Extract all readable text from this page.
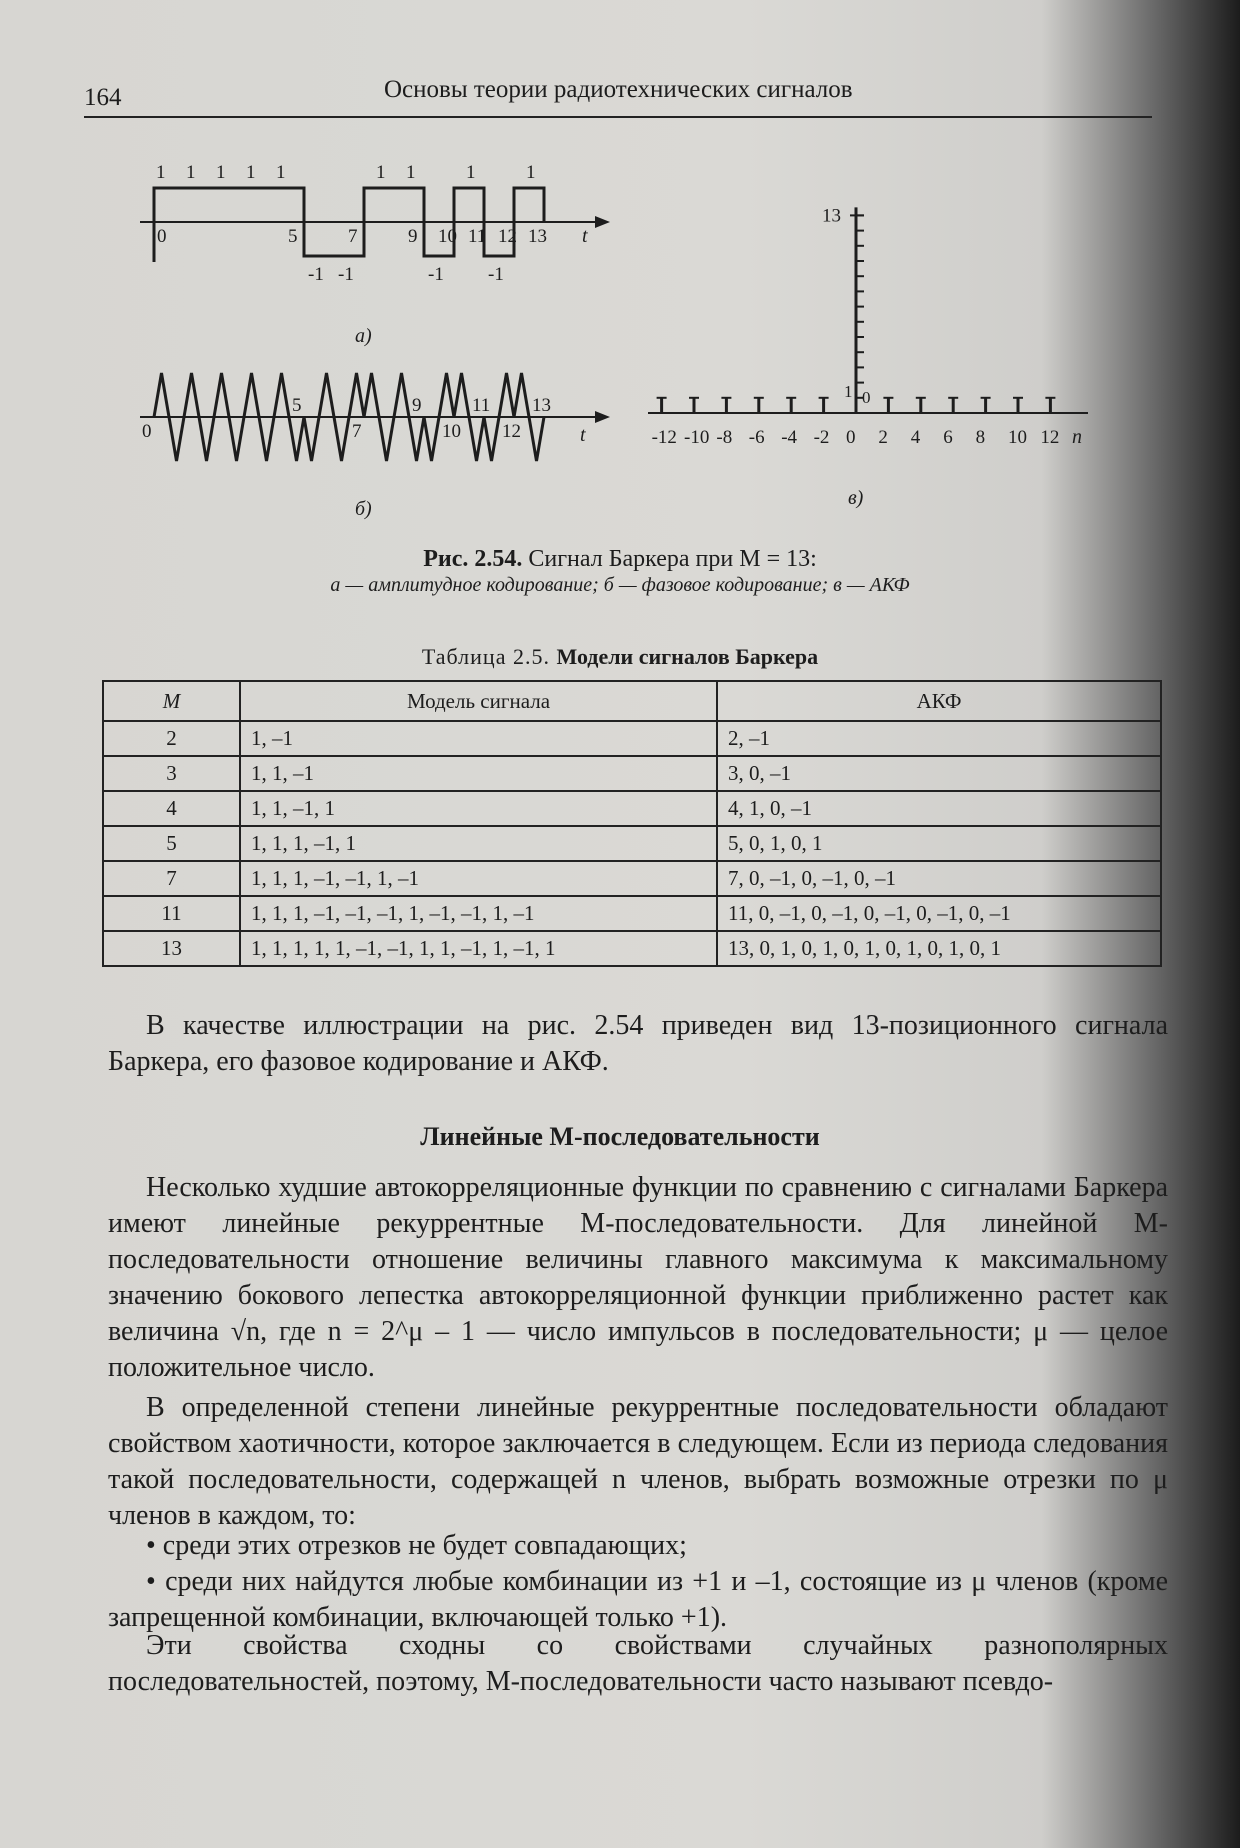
164	Основы теории радиотехнических сигналов
t
1 1 1 1 1	1 1	1	1
-1 -1	-1 -1
0	5	7	9 10 11 12 13
а)
t
0
5
7
9
10
11
12
13
б)
13
1 0
-12 -10 -8 -6 -4 -2 0 2 4 6 8 10 12 n
в)
Рис. 2.54. Сигнал Баркера при M = 13:
а — амплитудное кодирование; б — фазовое кодирование; в — АКФ
Таблица 2.5. Модели сигналов Баркера
M	Модель сигнала	АКФ
2	1, –1	2, –1
3	1, 1, –1	3, 0, –1
4	1, 1, –1, 1	4, 1, 0, –1
5	1, 1, 1, –1, 1	5, 0, 1, 0, 1
7	1, 1, 1, –1, –1, 1, –1	7, 0, –1, 0, –1, 0, –1
11	1, 1, 1, –1, –1, –1, 1, –1, –1, 1, –1	11, 0, –1, 0, –1, 0, –1, 0, –1, 0, –1
13	1, 1, 1, 1, 1, –1, –1, 1, 1, –1, 1, –1, 1	13, 0, 1, 0, 1, 0, 1, 0, 1, 0, 1, 0, 1

В качестве иллюстрации на рис. 2.54 приведен вид 13-позиционного сигнала Баркера, его фазовое кодирование и АКФ.

Линейные M-последовательности

Несколько худшие автокорреляционные функции по сравнению с сигналами Баркера имеют линейные рекуррентные M-последовательности. Для линейной M-последовательности отношение величины главного максимума к максимальному значению бокового лепестка автокорреляционной функции приближенно растет как величина √n, где n = 2^μ – 1 — число импульсов в последовательности; μ — целое положительное число.

В определенной степени линейные рекуррентные последовательности обладают свойством хаотичности, которое заключается в следующем. Если из периода следования такой последовательности, содержащей n членов, выбрать возможные отрезки по μ членов в каждом, то:

• среди этих отрезков не будет совпадающих;

• среди них найдутся любые комбинации из +1 и –1, состоящие из μ членов (кроме запрещенной комбинации, включающей только +1).

Эти свойства сходны со свойствами случайных разнополярных последовательностей, поэтому, M-последовательности часто называют псевдо-
